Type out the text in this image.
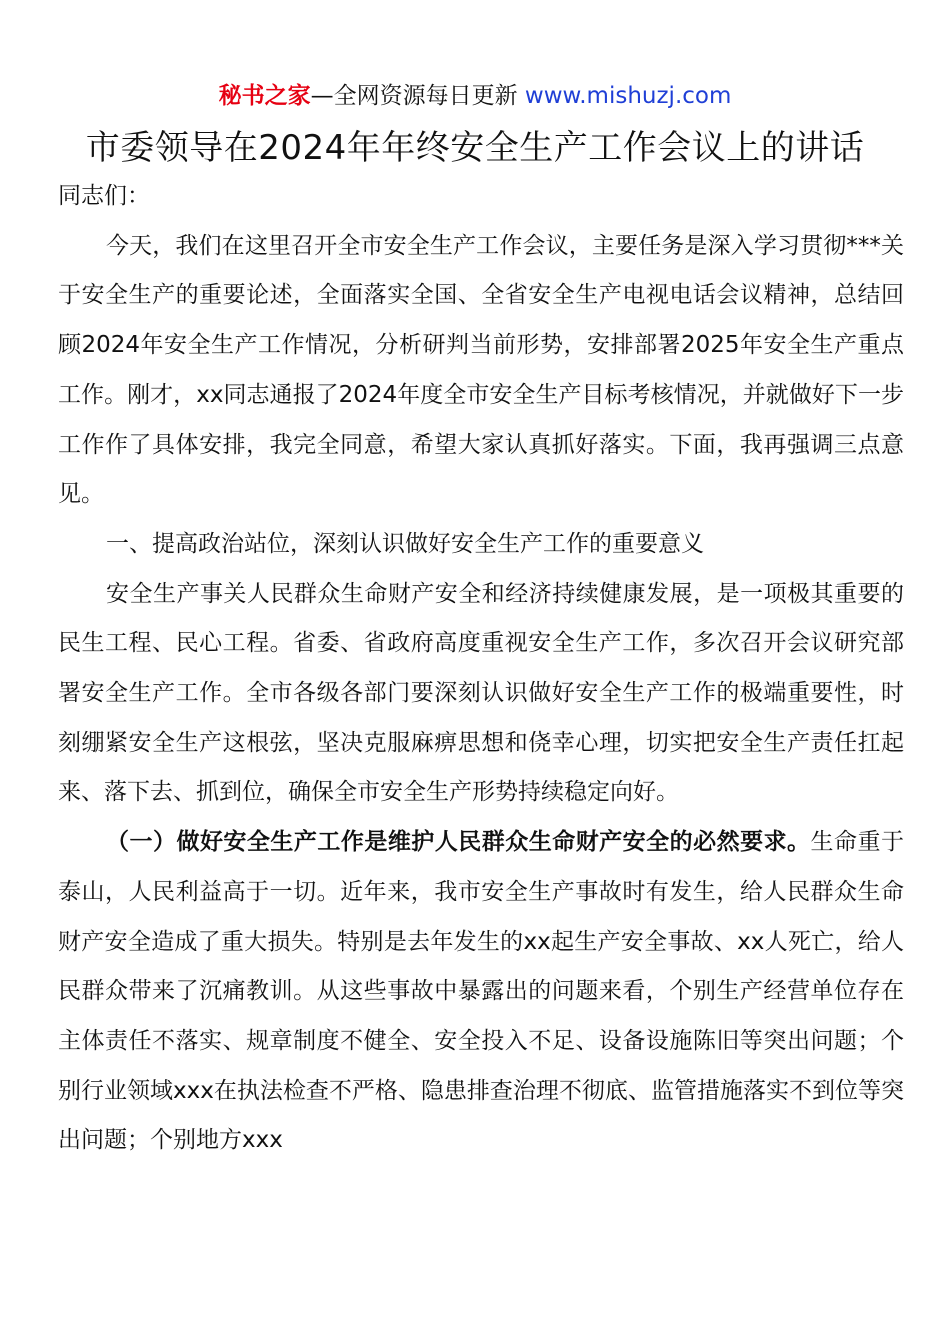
秘书之家—全网资源每日更新 www.mishuzj.com
市委领导在2024年年终安全生产工作会议上的讲话

同志们：

今天，我们在这里召开全市安全生产工作会议，主要任务是深入学习贯彻***关于安全生产的重要论述，全面落实全国、全省安全生产电视电话会议精神，总结回顾2024年安全生产工作情况，分析研判当前形势，安排部署2025年安全生产重点工作。刚才，xx同志通报了2024年度全市安全生产目标考核情况，并就做好下一步工作作了具体安排，我完全同意，希望大家认真抓好落实。下面，我再强调三点意见。

一、提高政治站位，深刻认识做好安全生产工作的重要意义

安全生产事关人民群众生命财产安全和经济持续健康发展，是一项极其重要的民生工程、民心工程。省委、省政府高度重视安全生产工作，多次召开会议研究部署安全生产工作。全市各级各部门要深刻认识做好安全生产工作的极端重要性，时刻绷紧安全生产这根弦，坚决克服麻痹思想和侥幸心理，切实把安全生产责任扛起来、落下去、抓到位，确保全市安全生产形势持续稳定向好。

（一）做好安全生产工作是维护人民群众生命财产安全的必然要求。生命重于泰山，人民利益高于一切。近年来，我市安全生产事故时有发生，给人民群众生命财产安全造成了重大损失。特别是去年发生的xx起生产安全事故、xx人死亡，给人民群众带来了沉痛教训。从这些事故中暴露出的问题来看，个别生产经营单位存在主体责任不落实、规章制度不健全、安全投入不足、设备设施陈旧等突出问题；个别行业领域xxx在执法检查不严格、隐患排查治理不彻底、监管措施落实不到位等突出问题；个别地方xxx
